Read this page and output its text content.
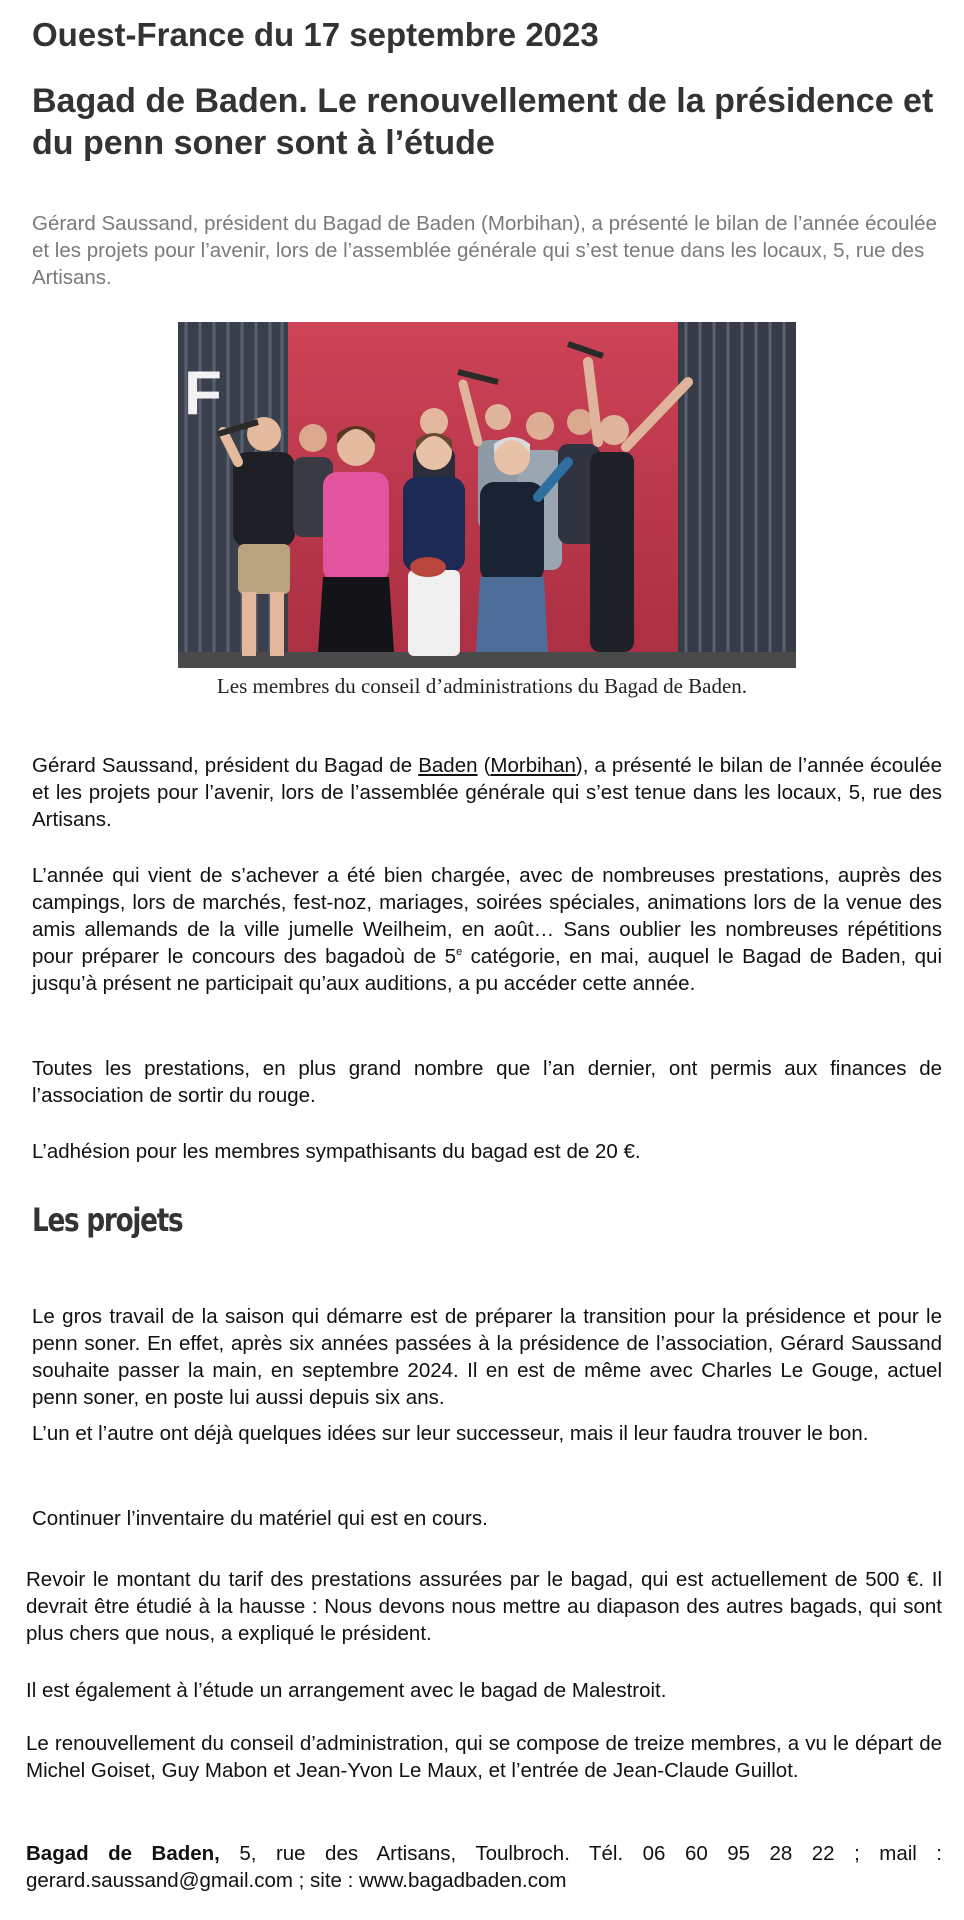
Ouest-France du 17 septembre 2023
Bagad de Baden. Le renouvellement de la présidence et du penn soner sont à l’étude

Gérard Saussand, président du Bagad de Baden (Morbihan), a présenté le bilan de l’année écoulée et les projets pour l’avenir, lors de l’assemblée générale qui s’est tenue dans les locaux, 5, rue des Artisans.

F

Les membres du conseil d’administrations du Bagad de Baden.

Gérard Saussand, président du Bagad de Baden (Morbihan), a présenté le bilan de l’année écoulée et les projets pour l’avenir, lors de l’assemblée générale qui s’est tenue dans les locaux, 5, rue des Artisans.

L’année qui vient de s’achever a été bien chargée, avec de nombreuses prestations, auprès des campings, lors de marchés, fest-noz, mariages, soirées spéciales, animations lors de la venue des amis allemands de la ville jumelle Weilheim, en août… Sans oublier les nombreuses répétitions pour préparer le concours des bagadoù de 5e catégorie, en mai, auquel le Bagad de Baden, qui jusqu’à présent ne participait qu’aux auditions, a pu accéder cette année.

Toutes les prestations, en plus grand nombre que l’an dernier, ont permis aux finances de l’association de sortir du rouge.

L’adhésion pour les membres sympathisants du bagad est de 20 €.

Les projets

Le gros travail de la saison qui démarre est de préparer la transition pour la présidence et pour le penn soner. En effet, après six années passées à la présidence de l’association, Gérard Saussand souhaite passer la main, en septembre 2024. Il en est de même avec Charles Le Gouge, actuel penn soner, en poste lui aussi depuis six ans.

L’un et l’autre ont déjà quelques idées sur leur successeur, mais il leur faudra trouver le bon.

Continuer l’inventaire du matériel qui est en cours.

Revoir le montant du tarif des prestations assurées par le bagad, qui est actuellement de 500 €. Il devrait être étudié à la hausse : Nous devons nous mettre au diapason des autres bagads, qui sont plus chers que nous, a expliqué le président.

Il est également à l’étude un arrangement avec le bagad de Malestroit.

Le renouvellement du conseil d’administration, qui se compose de treize membres, a vu le départ de Michel Goiset, Guy Mabon et Jean-Yvon Le Maux, et l’entrée de Jean-Claude Guillot.

Bagad de Baden, 5, rue des Artisans, Toulbroch. Tél. 06 60 95 28 22 ; mail : gerard.saussand@gmail.com ; site : www.bagadbaden.com
